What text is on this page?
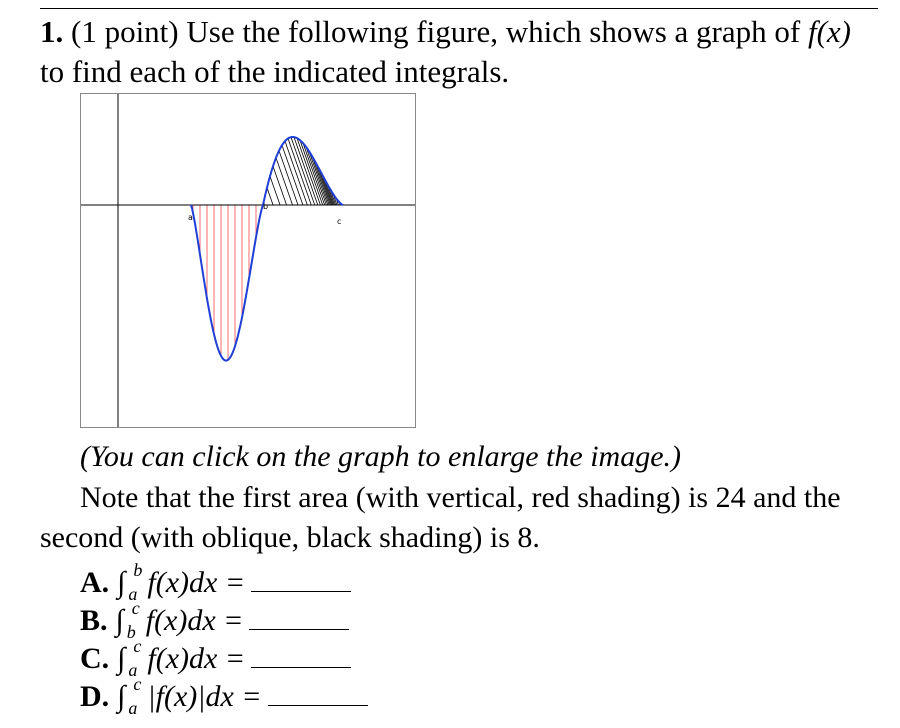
1. (1 point) Use the following figure, which shows a graph of f(x) to find each of the indicated integrals.
a
b
c
(You can click on the graph to enlarge the image.)
Note that the first area (with vertical, red shading) is 24 and the second (with oblique, black shading) is 8.
A. ∫ b
a f(x)dx =
B. ∫ c
b f(x)dx =
C. ∫ c
a f(x)dx =
D. ∫ c
a |f(x)|dx =
